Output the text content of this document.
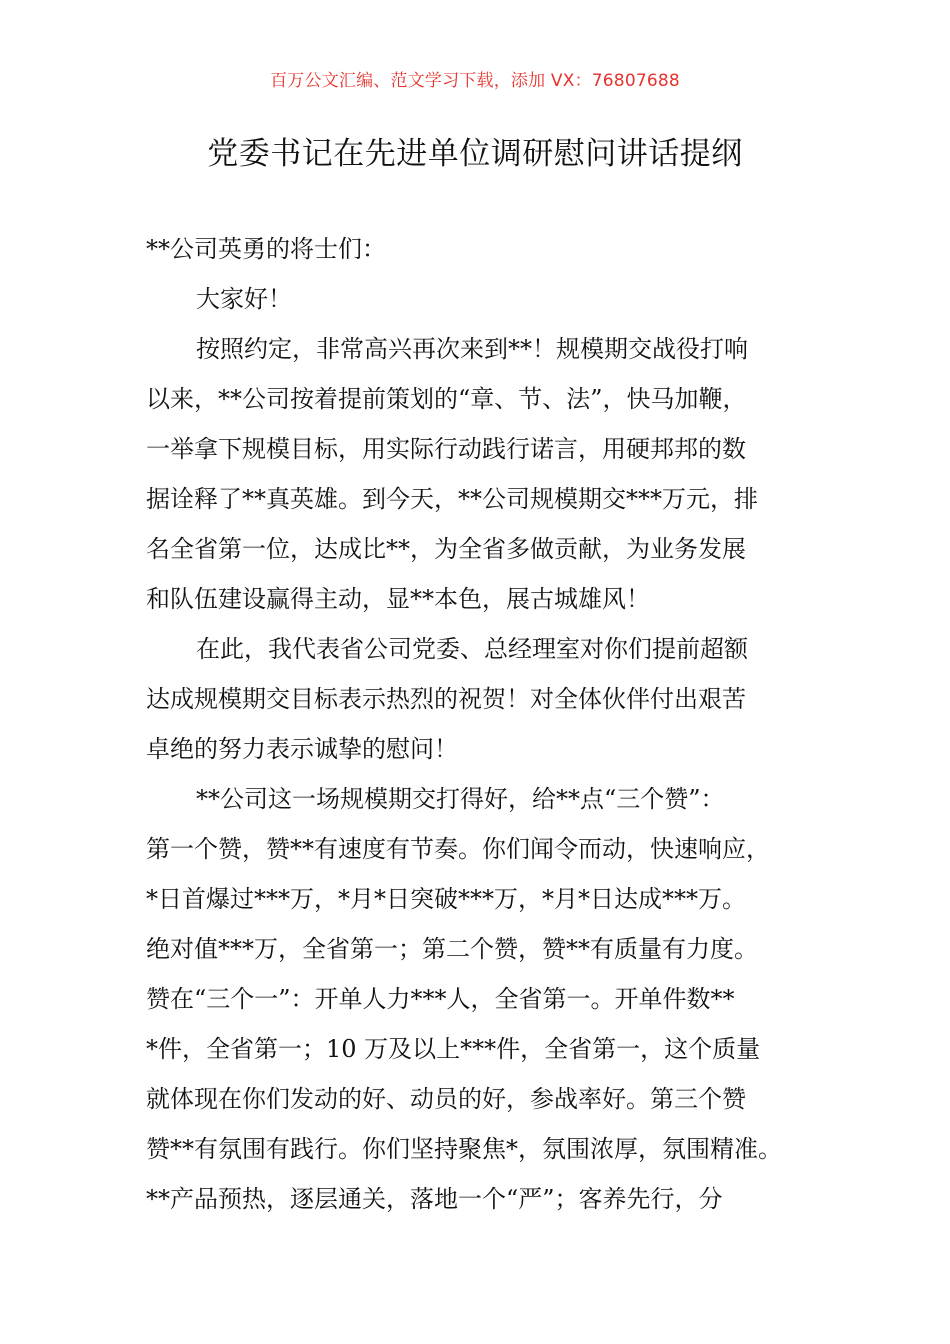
百万公文汇编、范文学习下载，添加 VX：76807688
党委书记在先进单位调研慰问讲话提纲
**公司英勇的将士们：
大家好！
按照约定，非常高兴再次来到**！规模期交战役打响
以来，**公司按着提前策划的“章、节、法”，快马加鞭，
一举拿下规模目标，用实际行动践行诺言，用硬邦邦的数
据诠释了**真英雄。到今天，**公司规模期交***万元，排
名全省第一位，达成比**，为全省多做贡献，为业务发展
和队伍建设赢得主动，显**本色，展古城雄风！
在此，我代表省公司党委、总经理室对你们提前超额
达成规模期交目标表示热烈的祝贺！对全体伙伴付出艰苦
卓绝的努力表示诚挚的慰问！
**公司这一场规模期交打得好，给**点“三个赞”：
第一个赞，赞**有速度有节奏。你们闻令而动，快速响应，
*日首爆过***万，*月*日突破***万，*月*日达成***万。
绝对值***万，全省第一；第二个赞，赞**有质量有力度。
赞在“三个一”：开单人力***人，全省第一。开单件数**
*件，全省第一；10 万及以上***件，全省第一，这个质量
就体现在你们发动的好、动员的好，参战率好。第三个赞
赞**有氛围有践行。你们坚持聚焦*，氛围浓厚，氛围精准。
**产品预热，逐层通关，落地一个“严”；客养先行，分
